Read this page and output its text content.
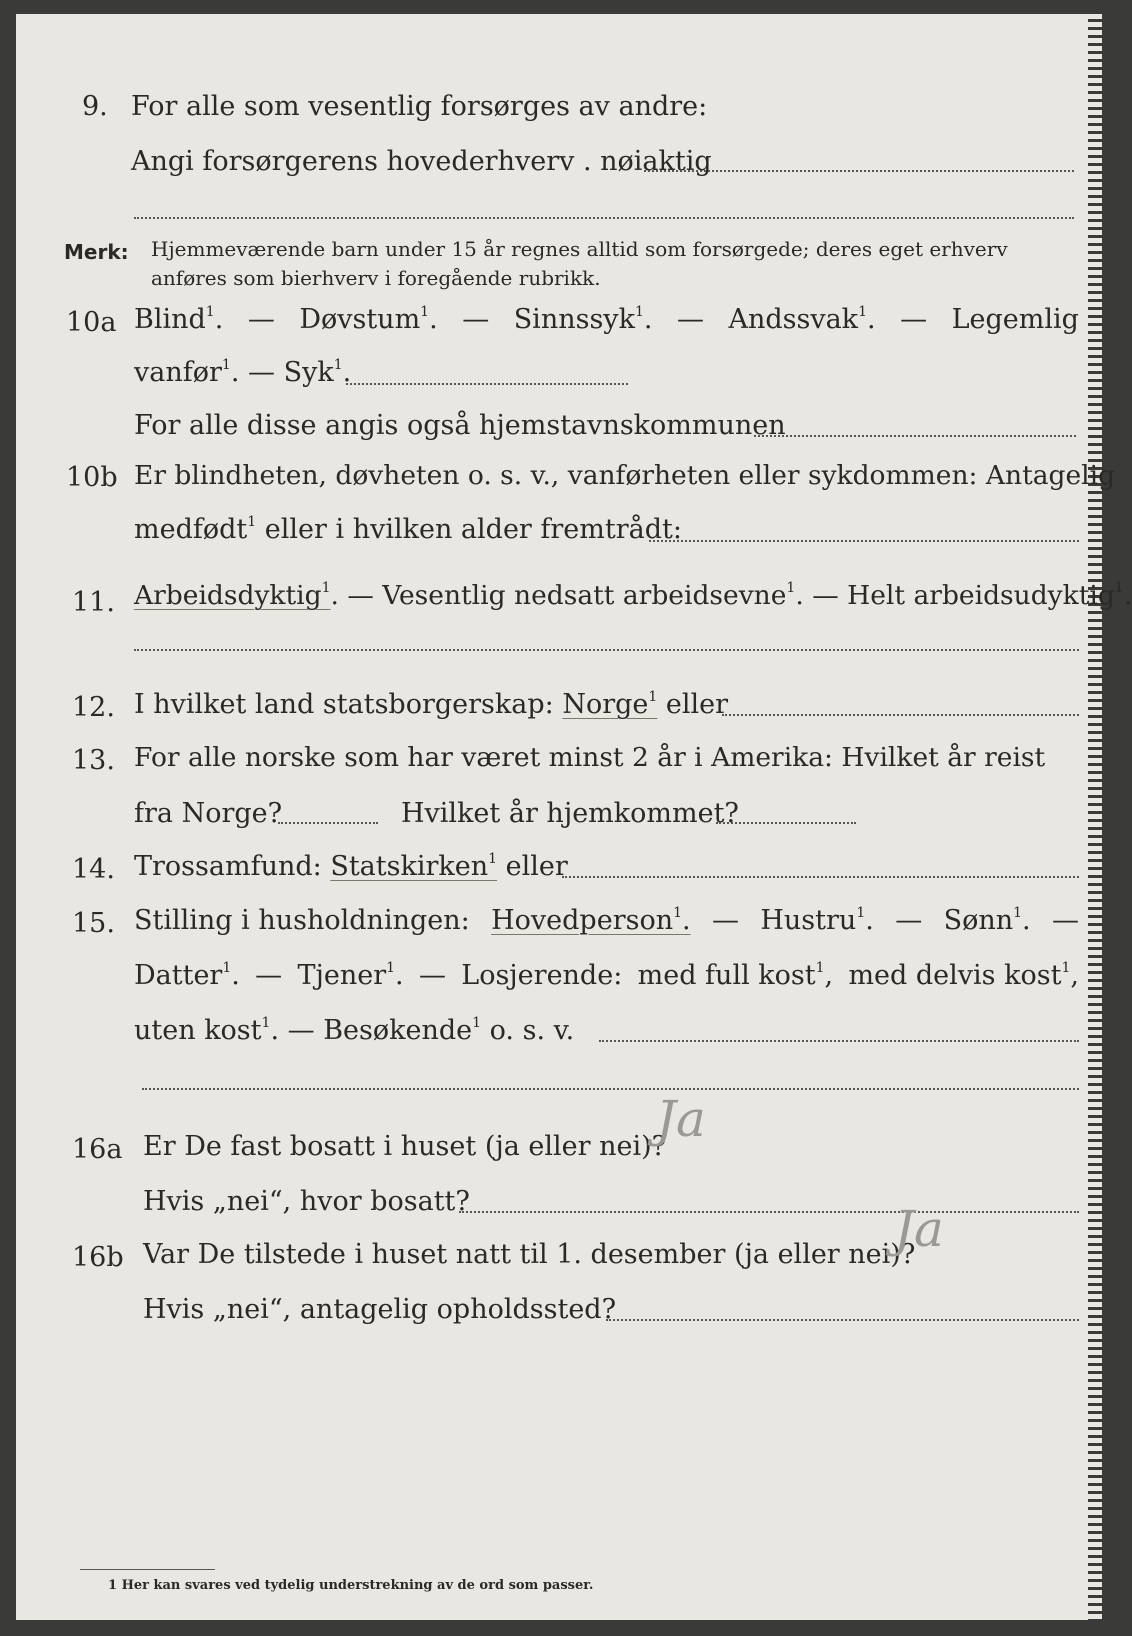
9. For alle som vesentlig forsørges av andre:
Angi forsørgerens hovederhverv . nøiaktig
Merk: Hjemmeværende barn under 15 år regnes alltid som forsørgede; deres eget erhverv
anføres som bierhverv i foregående rubrikk.
10a Blind$^1$. — Døvstum$^1$. — Sinnssyk$^1$. — Andssvak$^1$. — Legemlig
vanfør$^1$. — Syk$^1$.
For alle disse angis også hjemstavnskommunen
10b Er blindheten, døvheten o. s. v., vanførheten eller sykdommen: Antagelig
medfødt$^1$ eller i hvilken alder fremtrådt:
11. Arbeidsdyktig$^1$. — Vesentlig nedsatt arbeidsevne$^1$. — Helt arbeidsudyktig$^1$.
12. I hvilket land statsborgerskap: Norge$^1$ eller
13. For alle norske som har været minst 2 år i Amerika: Hvilket år reist
fra Norge?	Hvilket år hjemkommet?
14. Trossamfund: Statskirken$^1$ eller
15. Stilling i husholdningen: Hovedperson$^1$. — Hustru$^1$. — Sønn$^1$. —
Datter$^1$. — Tjener$^1$. — Losjerende: med full kost$^1$, med delvis kost$^1$,
uten kost$^1$. — Besøkende$^1$ o. s. v.
16a Er De fast bosatt i huset (ja eller nei)?
Ja
Hvis „nei“, hvor bosatt?
16b Var De tilstede i huset natt til 1. desember (ja eller nei)?
Ja
Hvis „nei“, antagelig opholdssted?
1 Her kan svares ved tydelig understrekning av de ord som passer.
